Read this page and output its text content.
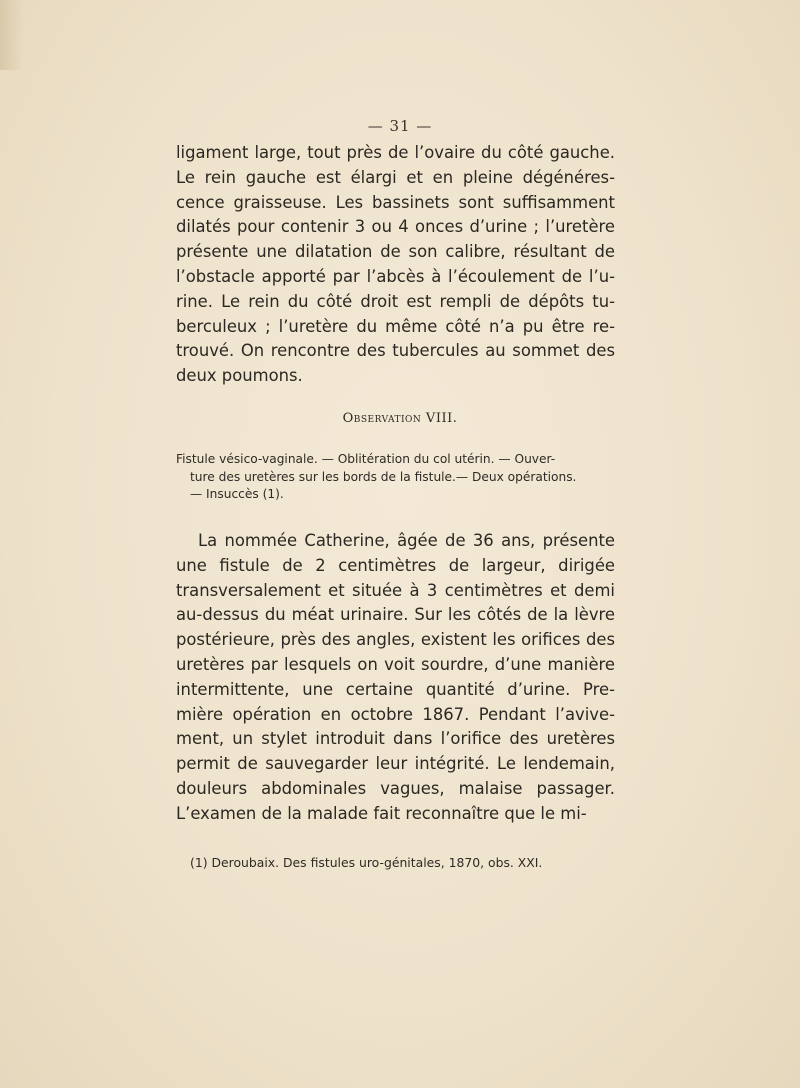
— 31 —
ligament large, tout près de l’ovaire du côté gauche. Le rein gauche est élargi et en pleine dégénéres-cence graisseuse. Les bassinets sont suffisamment dilatés pour contenir 3 ou 4 onces d’urine ; l’uretère présente une dilatation de son calibre, résultant de l’obstacle apporté par l’abcès à l’écoulement de l’u-rine. Le rein du côté droit est rempli de dépôts tu-berculeux ; l’uretère du même côté n’a pu être re-trouvé. On rencontre des tubercules au sommet des deux poumons.
Observation VIII.
Fistule vésico-vaginale. — Oblitération du col utérin. — Ouver-
ture des uretères sur les bords de la fistule.— Deux opérations.
— Insuccès (1).
La nommée Catherine, âgée de 36 ans, présente une fistule de 2 centimètres de largeur, dirigée transversalement et située à 3 centimètres et demi au-dessus du méat urinaire. Sur les côtés de la lèvre postérieure, près des angles, existent les orifices des uretères par lesquels on voit sourdre, d’une manière intermittente, une certaine quantité d’urine. Pre-mière opération en octobre 1867. Pendant l’avive-ment, un stylet introduit dans l’orifice des uretères permit de sauvegarder leur intégrité. Le lendemain, douleurs abdominales vagues, malaise passager. L’examen de la malade fait reconnaître que le mi-
(1) Deroubaix. Des fistules uro-génitales, 1870, obs. XXI.
